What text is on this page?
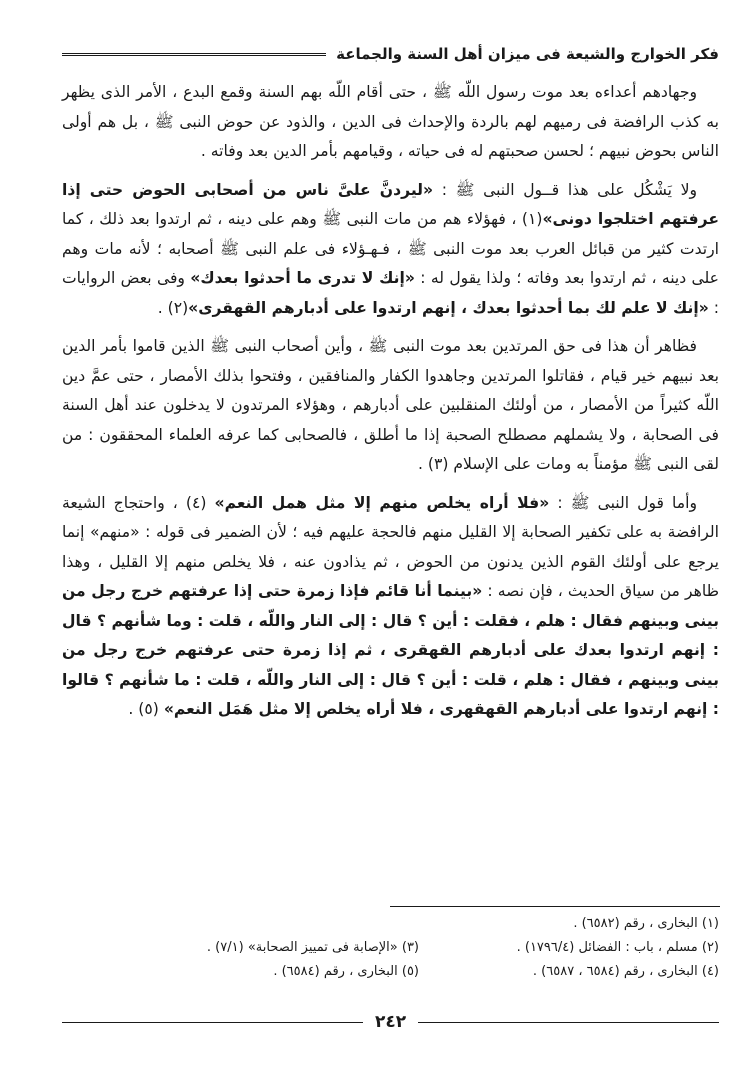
فكر الخوارج والشيعة فى ميزان أهل السنة والجماعة

وجهادهم أعداءه بعد موت رسول اللّه ﷺ ، حتى أقام اللّه بهم السنة وقمع البدع ، الأمر الذى يظهر به كذب الرافضة فى رميهم لهم بالردة والإحداث فى الدين ، والذود عن حوض النبى ﷺ ، بل هم أولى الناس بحوض نبيهم ؛ لحسن صحبتهم له فى حياته ، وقيامهم بأمر الدين بعد وفاته .

ولا يَشْكُل على هذا قــول النبى ﷺ : «ليردنَّ علىَّ ناس من أصحابى الحوض حتى إذا عرفتهم اختلجوا دونى»(١) ، فهؤلاء هم من مات النبى ﷺ وهم على دينه ، ثم ارتدوا بعد ذلك ، كما ارتدت كثير من قبائل العرب بعد موت النبى ﷺ ، فـهـؤلاء فى علم النبى ﷺ أصحابه ؛ لأنه مات وهم على دينه ، ثم ارتدوا بعد وفاته ؛ ولذا يقول له : «إنك لا تدرى ما أحدثوا بعدك» وفى بعض الروايات : «إنك لا علم لك بما أحدثوا بعدك ، إنهم ارتدوا على أدبارهم القهقرى»(٢) .

فظاهر أن هذا فى حق المرتدين بعد موت النبى ﷺ ، وأين أصحاب النبى ﷺ الذين قاموا بأمر الدين بعد نبيهم خير قيام ، فقاتلوا المرتدين وجاهدوا الكفار والمنافقين ، وفتحوا بذلك الأمصار ، حتى عمَّ دين اللّه كثيراً من الأمصار ، من أولئك المنقلبين على أدبارهم ، وهؤلاء المرتدون لا يدخلون عند أهل السنة فى الصحابة ، ولا يشملهم مصطلح الصحبة إذا ما أطلق ، فالصحابى كما عرفه العلماء المحققون : من لقى النبى ﷺ مؤمناً به ومات على الإسلام (٣) .

وأما قول النبى ﷺ : «فلا أراه يخلص منهم إلا مثل همل النعم» (٤) ، واحتجاج الشيعة الرافضة به على تكفير الصحابة إلا القليل منهم فالحجة عليهم فيه ؛ لأن الضمير فى قوله : «منهم» إنما يرجع على أولئك القوم الذين يدنون من الحوض ، ثم يذادون عنه ، فلا يخلص منهم إلا القليل ، وهذا ظاهر من سياق الحديث ، فإن نصه : «بينما أنا قائم فإذا زمرة حتى إذا عرفتهم خرج رجل من بينى وبينهم فقال : هلم ، فقلت : أين ؟ قال : إلى النار واللّه ، قلت : وما شأنهم ؟ قال : إنهم ارتدوا بعدك على أدبارهم القهقرى ، ثم إذا زمرة حتى عرفتهم خرج رجل من بينى وبينهم ، فقال : هلم ، قلت : أين ؟ قال : إلى النار واللّه ، قلت : ما شأنهم ؟ قالوا : إنهم ارتدوا على أدبارهم القهقهرى ، فلا أراه يخلص إلا مثل هَمَل النعم» (٥) .

(١) البخارى ، رقم (٦٥٨٢) .
(٢) مسلم ، باب : الفضائل (١٧٩٦/٤) .
(٣) «الإصابة فى تمييز الصحابة» (٧/١) .
(٤) البخارى ، رقم (٦٥٨٤ ، ٦٥٨٧) .
(٥) البخارى ، رقم (٦٥٨٤) .
٢٤٢
